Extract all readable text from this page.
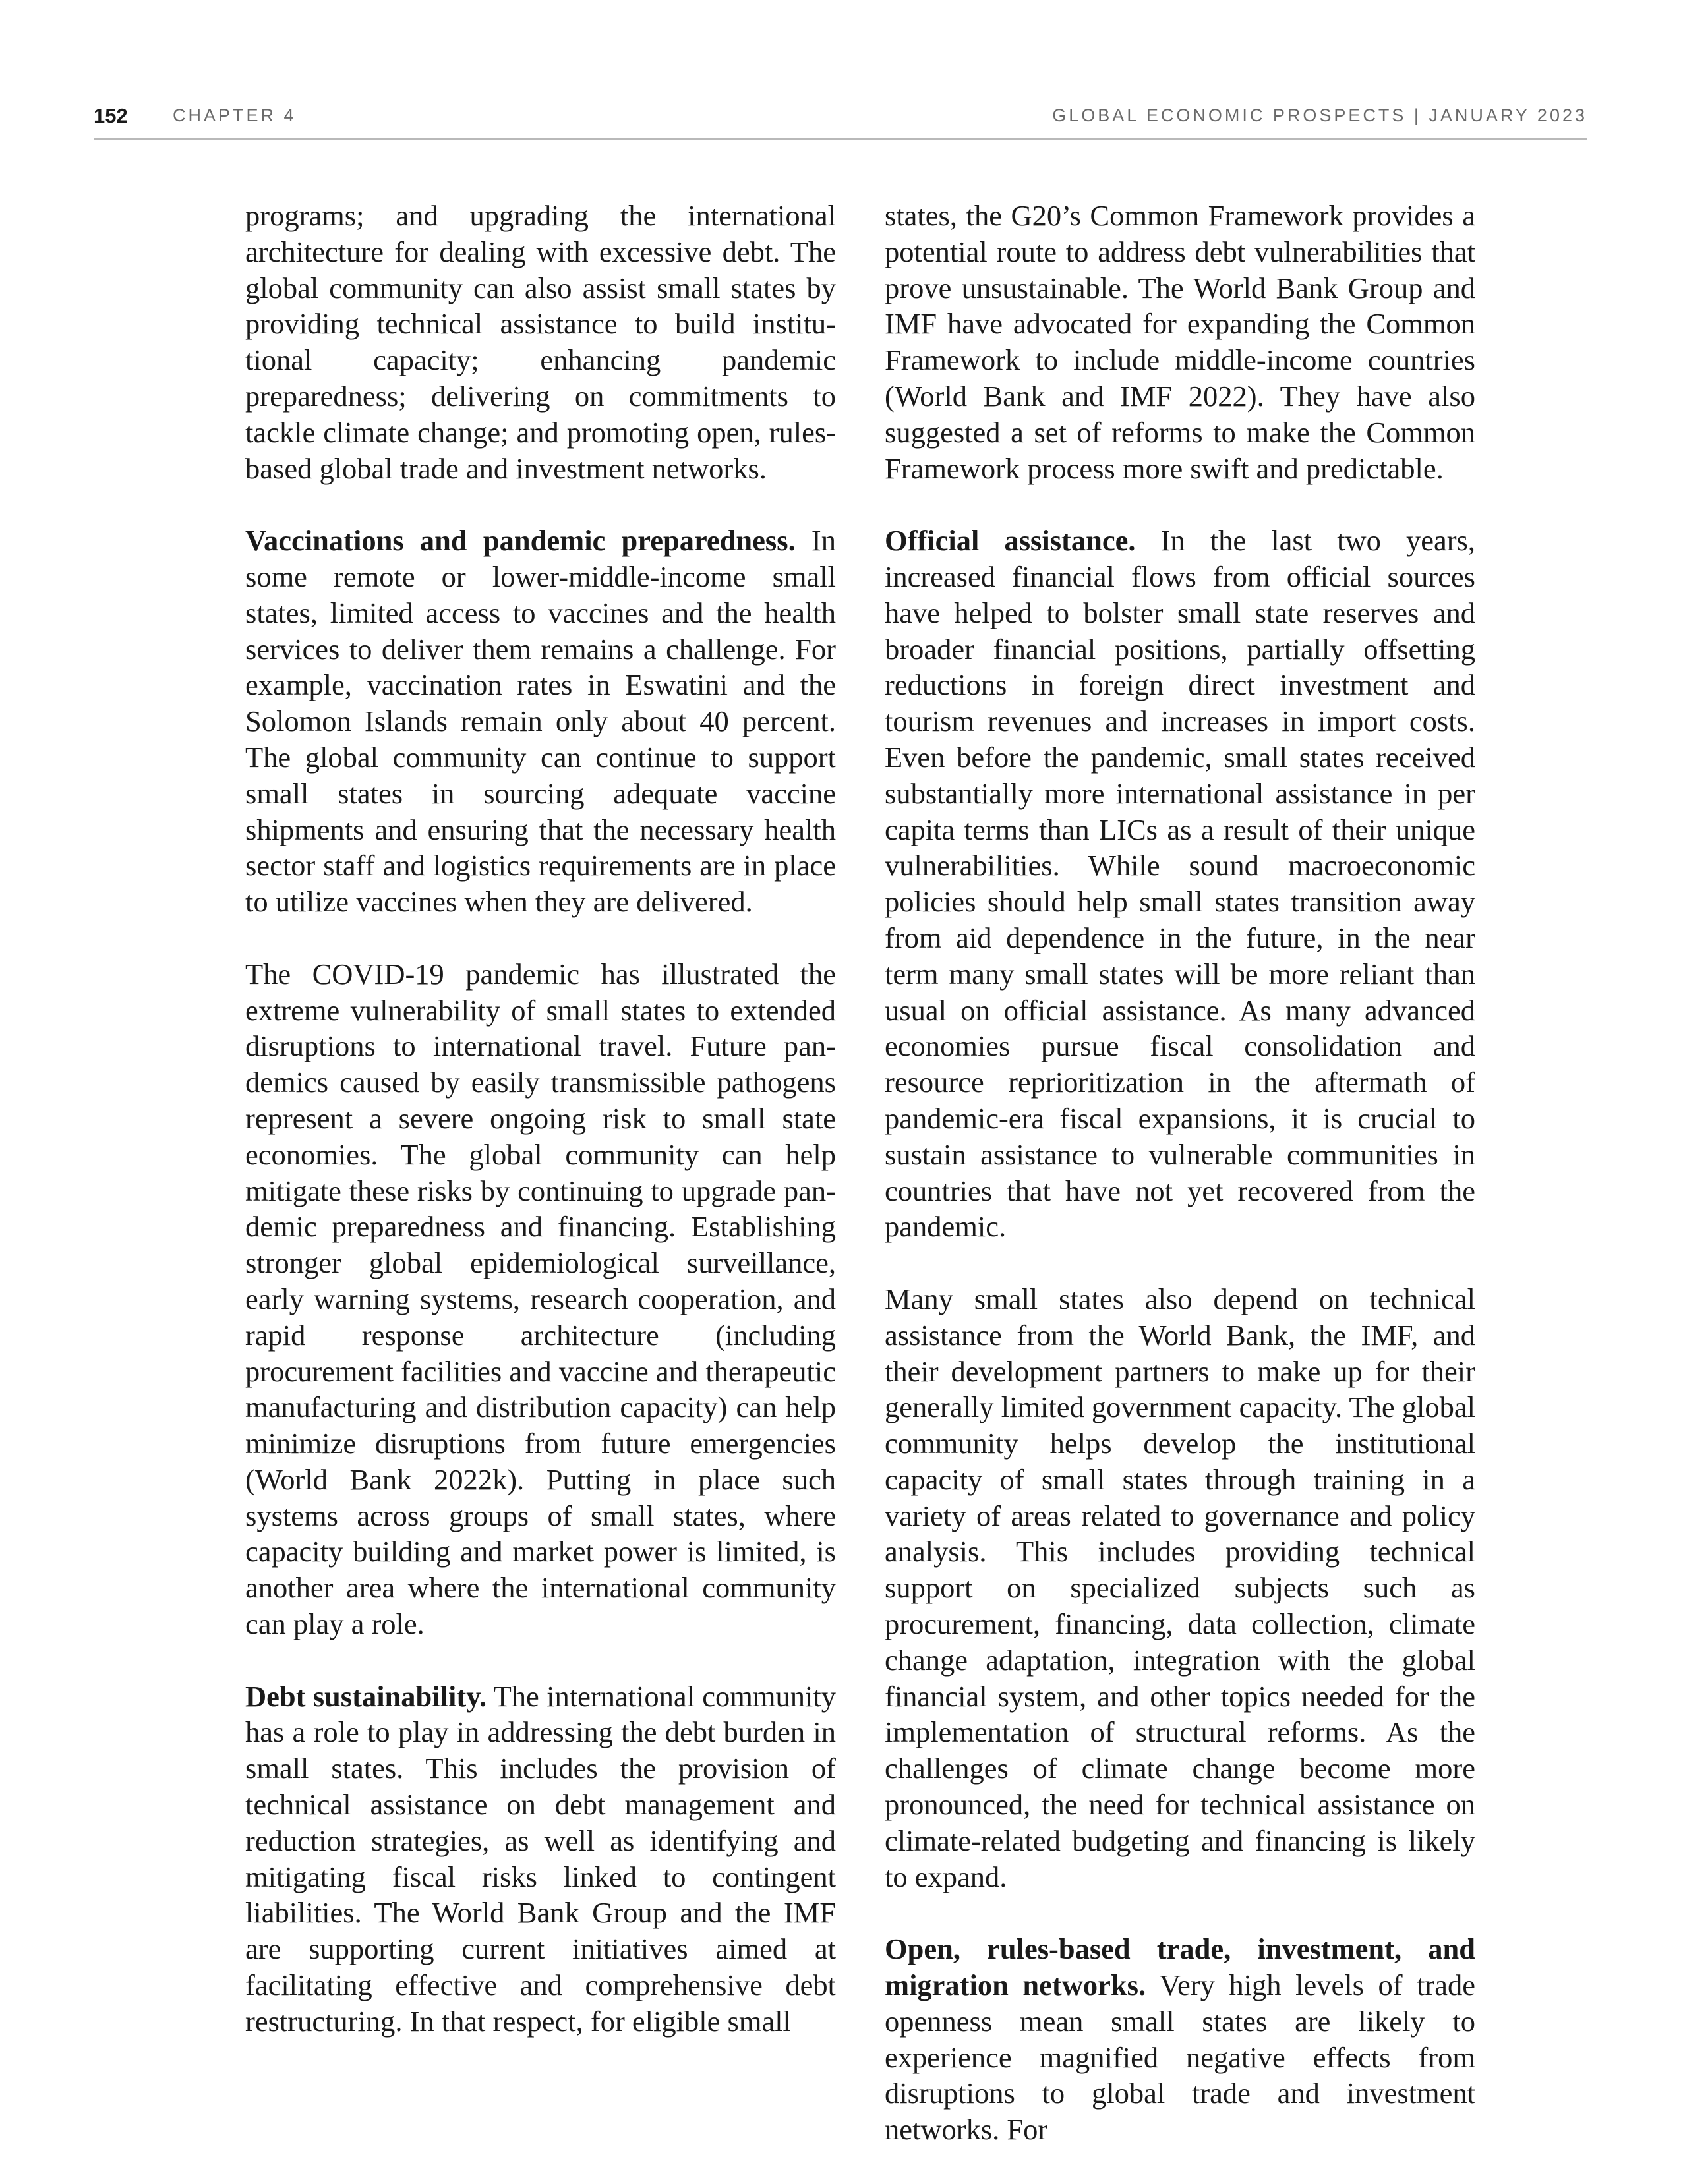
152	CHAPTER 4	GLOBAL ECONOMIC PROSPECTS | JANUARY 2023

programs; and upgrading the international architecture for dealing with excessive debt. The global community can also assist small states by providing technical assistance to build institutional capacity; enhancing pandemic preparedness; delivering on commitments to tackle climate change; and promoting open, rules-based global trade and investment networks.

Vaccinations and pandemic preparedness. In some remote or lower-middle-income small states, limited access to vaccines and the health services to deliver them remains a challenge. For example, vaccination rates in Eswatini and the Solomon Islands remain only about 40 percent. The global community can continue to support small states in sourcing adequate vaccine shipments and ensuring that the necessary health sector staff and logistics requirements are in place to utilize vaccines when they are delivered.

The COVID-19 pandemic has illustrated the extreme vulnerability of small states to extended disruptions to international travel. Future pandemics caused by easily transmissible pathogens represent a severe ongoing risk to small state economies. The global community can help mitigate these risks by continuing to upgrade pandemic preparedness and financing. Establishing stronger global epidemiological surveillance, early warning systems, research cooperation, and rapid response architecture (including procurement facilities and vaccine and therapeutic manufacturing and distribution capacity) can help minimize disruptions from future emergencies (World Bank 2022k). Putting in place such systems across groups of small states, where capacity building and market power is limited, is another area where the international community can play a role.

Debt sustainability. The international community has a role to play in addressing the debt burden in small states. This includes the provision of technical assistance on debt management and reduction strategies, as well as identifying and mitigating fiscal risks linked to contingent liabilities. The World Bank Group and the IMF are supporting current initiatives aimed at facilitating effective and comprehensive debt restructuring. In that respect, for eligible small

states, the G20’s Common Framework provides a potential route to address debt vulnerabilities that prove unsustainable. The World Bank Group and IMF have advocated for expanding the Common Framework to include middle-income countries (World Bank and IMF 2022). They have also suggested a set of reforms to make the Common Framework process more swift and predictable.

Official assistance. In the last two years, increased financial flows from official sources have helped to bolster small state reserves and broader financial positions, partially offsetting reductions in foreign direct investment and tourism revenues and increases in import costs. Even before the pandemic, small states received substantially more international assistance in per capita terms than LICs as a result of their unique vulnerabilities. While sound macroeconomic policies should help small states transition away from aid dependence in the future, in the near term many small states will be more reliant than usual on official assistance. As many advanced economies pursue fiscal consolidation and resource reprioritization in the aftermath of pandemic-era fiscal expansions, it is crucial to sustain assistance to vulnerable communities in countries that have not yet recovered from the pandemic.

Many small states also depend on technical assistance from the World Bank, the IMF, and their development partners to make up for their generally limited government capacity. The global community helps develop the institutional capacity of small states through training in a variety of areas related to governance and policy analysis. This includes providing technical support on specialized subjects such as procurement, financing, data collection, climate change adaptation, integration with the global financial system, and other topics needed for the implementation of structural reforms. As the challenges of climate change become more pronounced, the need for technical assistance on climate-related budgeting and financing is likely to expand.

Open, rules-based trade, investment, and migration networks. Very high levels of trade openness mean small states are likely to experience magnified negative effects from disruptions to global trade and investment networks. For
